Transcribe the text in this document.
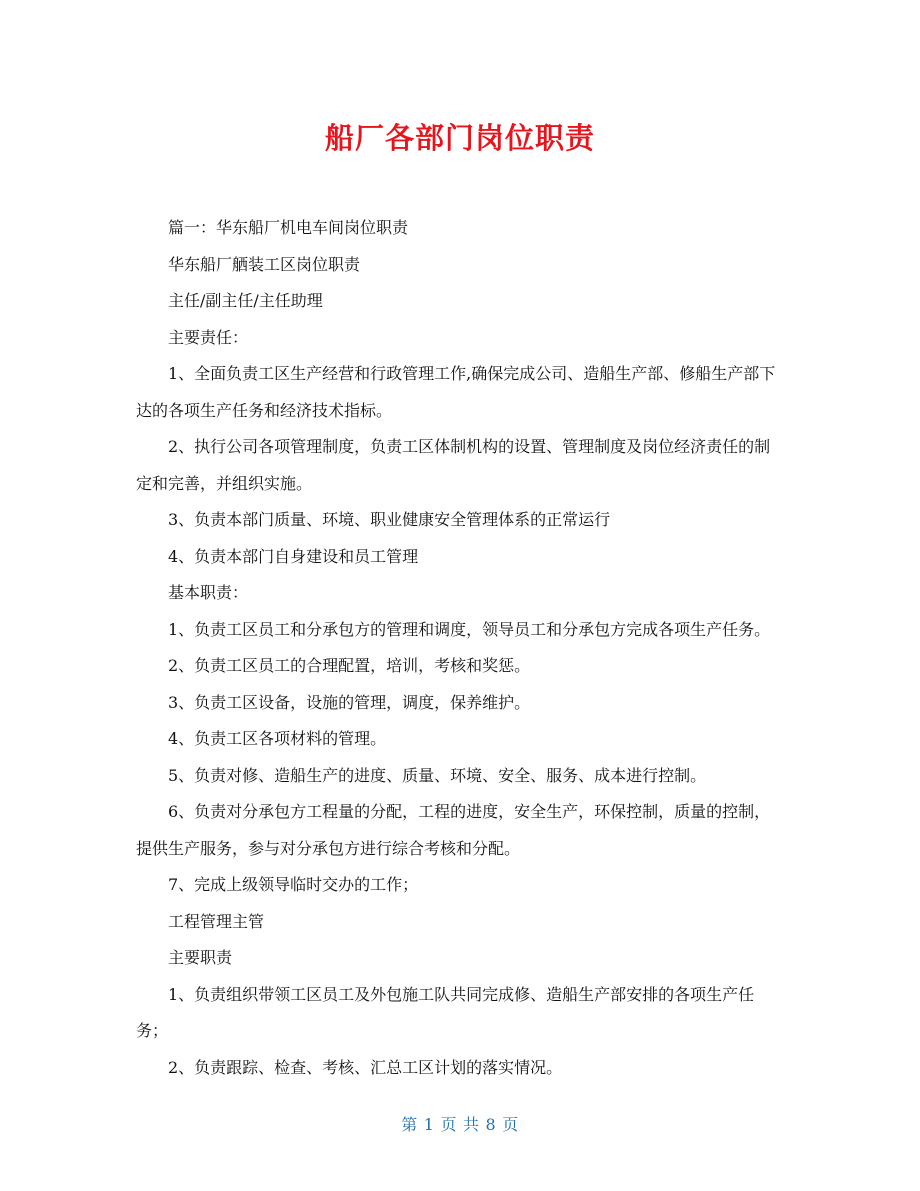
船厂各部门岗位职责

篇一：华东船厂机电车间岗位职责

华东船厂舾装工区岗位职责

主任/副主任/主任助理

主要责任：

1、全面负责工区生产经营和行政管理工作,确保完成公司、造船生产部、修船生产部下达的各项生产任务和经济技术指标。

2、执行公司各项管理制度，负责工区体制机构的设置、管理制度及岗位经济责任的制定和完善，并组织实施。

3、负责本部门质量、环境、职业健康安全管理体系的正常运行

4、负责本部门自身建设和员工管理

基本职责：

1、负责工区员工和分承包方的管理和调度，领导员工和分承包方完成各项生产任务。

2、负责工区员工的合理配置，培训，考核和奖惩。

3、负责工区设备，设施的管理，调度，保养维护。

4、负责工区各项材料的管理。

5、负责对修、造船生产的进度、质量、环境、安全、服务、成本进行控制。

6、负责对分承包方工程量的分配，工程的进度，安全生产，环保控制，质量的控制，提供生产服务，参与对分承包方进行综合考核和分配。

7、完成上级领导临时交办的工作；

工程管理主管

主要职责

1、负责组织带领工区员工及外包施工队共同完成修、造船生产部安排的各项生产任务；

2、负责跟踪、检查、考核、汇总工区计划的落实情况。

第 1 页 共 8 页
